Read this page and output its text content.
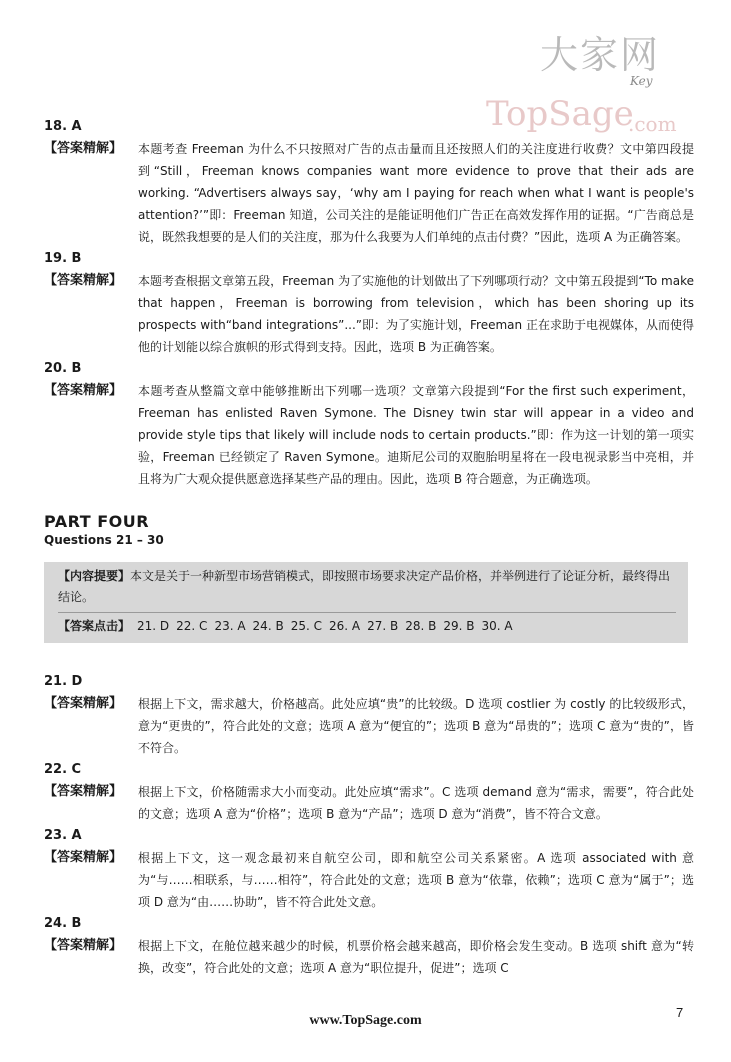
大家网
Key
TopSage
.com
18. A
【答案精解】	本题考查 Freeman 为什么不只按照对广告的点击量而且还按照人们的关注度进行收费？文中第四段提到“Still，Freeman knows companies want more evidence to prove that their ads are working. “Advertisers always say，‘why am I paying for reach when what I want is people's attention?’”即：Freeman 知道，公司关注的是能证明他们广告正在高效发挥作用的证据。“广告商总是说，既然我想要的是人们的关注度，那为什么我要为人们单纯的点击付费？”因此，选项 A 为正确答案。
19. B
【答案精解】	本题考查根据文章第五段，Freeman 为了实施他的计划做出了下列哪项行动？文中第五段提到“To make that happen，Freeman is borrowing from television，which has been shoring up its prospects with“band integrations”...”即：为了实施计划，Freeman 正在求助于电视媒体，从而使得他的计划能以综合旗帜的形式得到支持。因此，选项 B 为正确答案。
20. B
【答案精解】	本题考查从整篇文章中能够推断出下列哪一选项？文章第六段提到“For the first such experiment，Freeman has enlisted Raven Symone. The Disney twin star will appear in a video and provide style tips that likely will include nods to certain products.”即：作为这一计划的第一项实验，Freeman 已经锁定了 Raven Symone。迪斯尼公司的双胞胎明星将在一段电视录影当中亮相，并且将为广大观众提供愿意选择某些产品的理由。因此，选项 B 符合题意，为正确选项。
PART FOUR
Questions 21 – 30
【内容提要】本文是关于一种新型市场营销模式，即按照市场要求决定产品价格，并举例进行了论证分析，最终得出结论。
【答案点击】 21. D 22. C 23. A 24. B 25. C 26. A 27. B 28. B 29. B 30. A
21. D
【答案精解】	根据上下文，需求越大，价格越高。此处应填“贵”的比较级。D 选项 costlier 为 costly 的比较级形式，意为“更贵的”，符合此处的文意；选项 A 意为“便宜的”；选项 B 意为“昂贵的”；选项 C 意为“贵的”，皆不符合。
22. C
【答案精解】	根据上下文，价格随需求大小而变动。此处应填“需求”。C 选项 demand 意为“需求，需要”，符合此处的文意；选项 A 意为“价格”；选项 B 意为“产品”；选项 D 意为“消费”，皆不符合文意。
23. A
【答案精解】	根据上下文，这一观念最初来自航空公司，即和航空公司关系紧密。A 选项 associated with 意为“与……相联系，与……相符”，符合此处的文意；选项 B 意为“依靠，依赖”；选项 C 意为“属于”；选项 D 意为“由……协助”，皆不符合此处文意。
24. B
【答案精解】	根据上下文，在舱位越来越少的时候，机票价格会越来越高，即价格会发生变动。B 选项 shift 意为“转换，改变”，符合此处的文意；选项 A 意为“职位提升，促进”；选项 C
7
www.TopSage.com
